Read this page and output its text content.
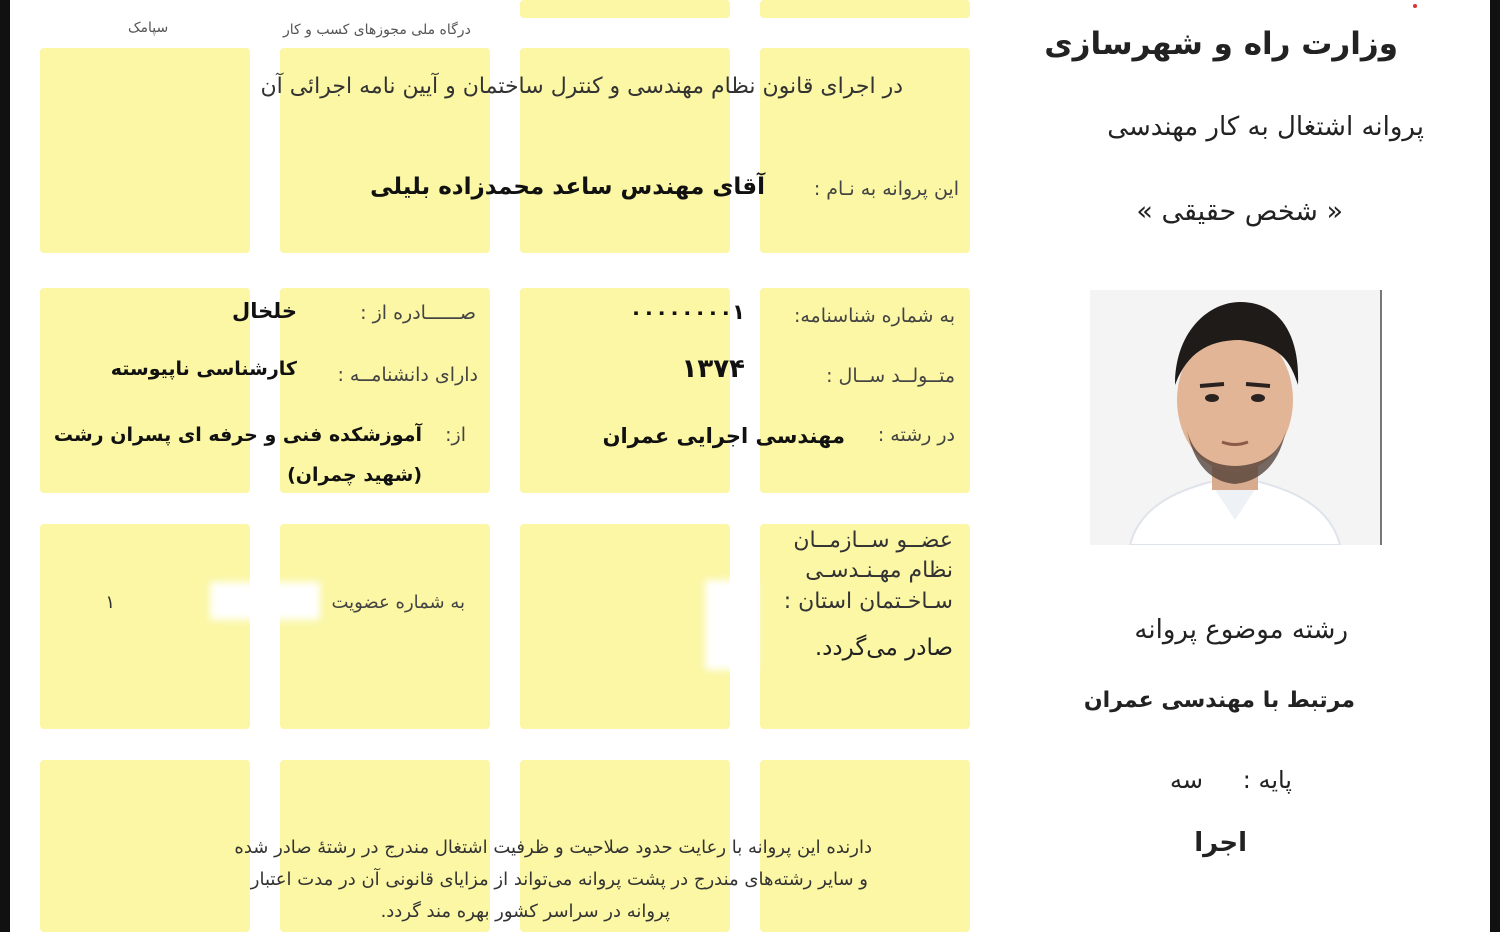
درگاه ملی مجوزهای کسب و کار
سپامک	وزارت راه و شهرسازی
پروانه اشتغال به کار مهندسی
« شخص حقیقی »
در اجرای قانون نظام مهندسی و کنترل ساختمان و آیین نامه اجرائی آن
این پروانه به نـام :
آقای مهندس ساعد محمدزاده بلیلی
به شماره شناسنامه:
۰۰۰۰۰۰۰۰۱
متــولــد ســال :
۱۳۷۴
در رشته :
مهندسی اجرایی عمران
صــــــادره از :
خلخال
دارای دانشنامــه :
کارشناسی ناپیوسته
از:
آموزشکده فنی و حرفه ای پسران رشت
(شهید چمران)
عضــو ســازمــان
نظام مهـنـدسـی
سـاخـتمان استان :
صادر می‌گردد.
به شماره عضویت
۱
رشته موضوع پروانه
مرتبط با مهندسی عمران
پایه :
سه
اجرا
دارنده این پروانه با رعایت حدود صلاحیت و ظرفیت اشتغال مندرج در رشتهٔ صادر شده
و سایر رشته‌های مندرج در پشت پروانه می‌تواند از مزایای قانونی آن در مدت اعتبار
پروانه در سراسر کشور بهره مند گردد.
